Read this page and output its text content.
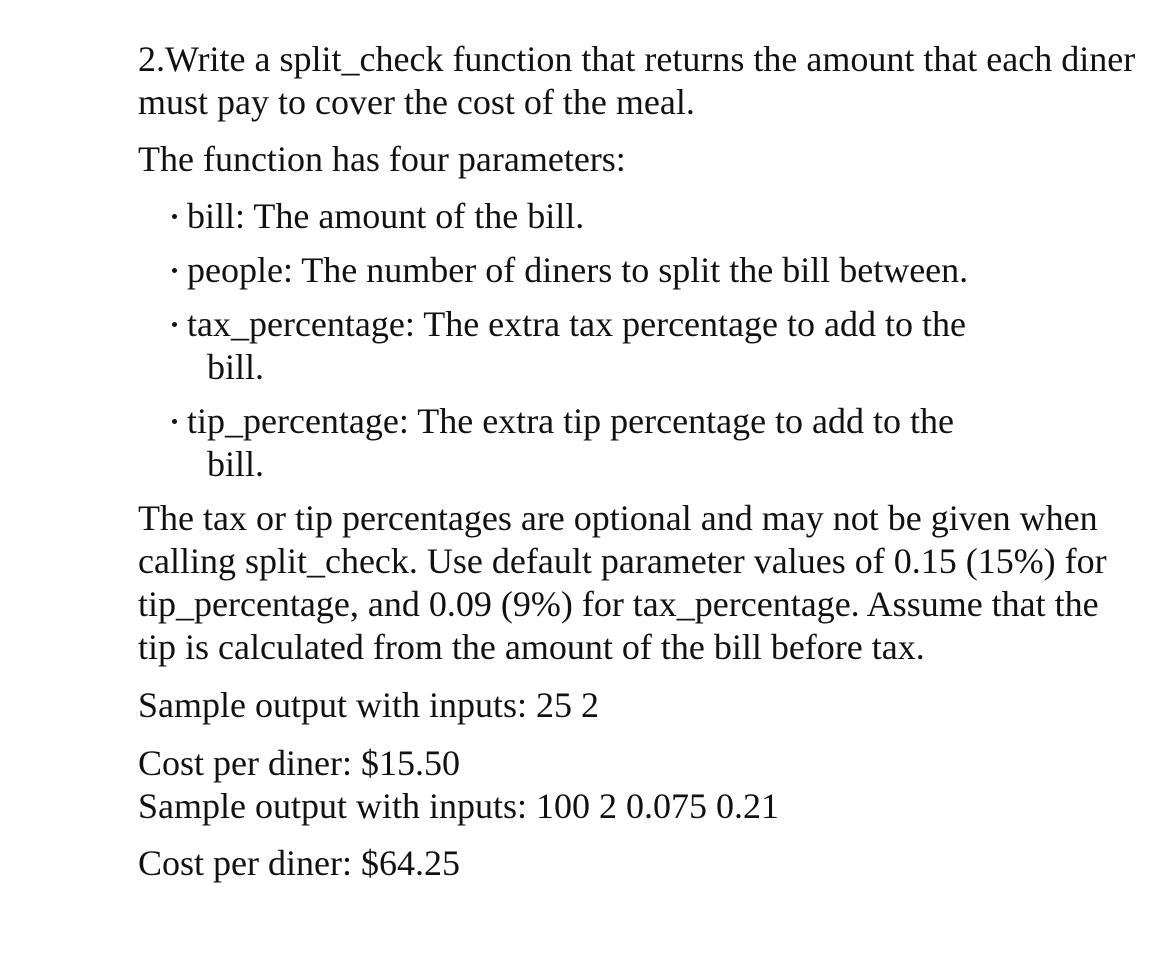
2.Write a split_check function that returns the amount that each diner must pay to cover the cost of the meal.

The function has four parameters:

bill: The amount of the bill.
people: The number of diners to split the bill between.
tax_percentage: The extra tax percentage to add to the
bill.
tip_percentage: The extra tip percentage to add to the
bill.

The tax or tip percentages are optional and may not be given when calling split_check. Use default parameter values of 0.15 (15%) for tip_percentage, and 0.09 (9%) for tax_percentage. Assume that the tip is calculated from the amount of the bill before tax.

Sample output with inputs: 25 2

Cost per diner: $15.50

Sample output with inputs: 100 2 0.075 0.21

Cost per diner: $64.25
